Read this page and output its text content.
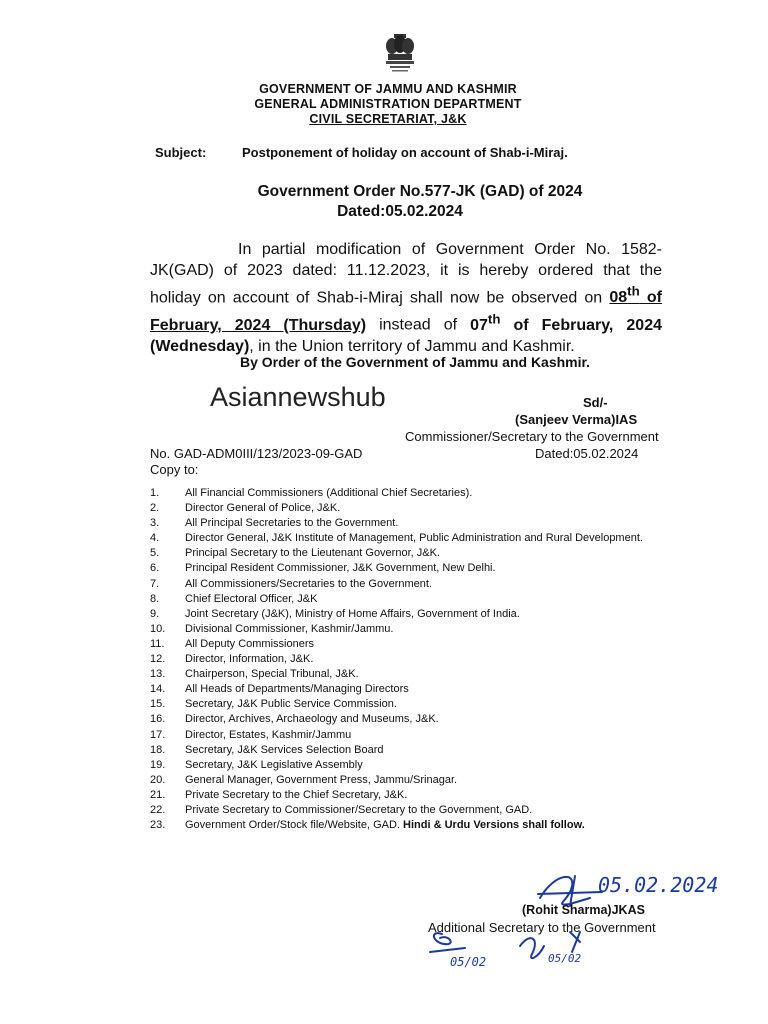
GOVERNMENT OF JAMMU AND KASHMIR
GENERAL ADMINISTRATION DEPARTMENT
CIVIL SECRETARIAT, J&K
Subject:	Postponement of holiday on account of Shab-i-Miraj.
Government Order No.577-JK (GAD) of 2024
Dated:05.02.2024
In partial modification of Government Order No. 1582-JK(GAD) of 2023 dated: 11.12.2023, it is hereby ordered that the holiday on account of Shab-i-Miraj shall now be observed on 08th of February, 2024 (Thursday) instead of 07th of February, 2024 (Wednesday), in the Union territory of Jammu and Kashmir.
By Order of the Government of Jammu and Kashmir.
Asiannewshub	Sd/-
(Sanjeev Verma)IAS
Commissioner/Secretary to the Government
No. GAD-ADM0III/123/2023-09-GAD	Dated:05.02.2024
Copy to:
1.	All Financial Commissioners (Additional Chief Secretaries).
2.	Director General of Police, J&K.
3.	All Principal Secretaries to the Government.
4.	Director General, J&K Institute of Management, Public Administration and Rural Development.
5.	Principal Secretary to the Lieutenant Governor, J&K.
6.	Principal Resident Commissioner, J&K Government, New Delhi.
7.	All Commissioners/Secretaries to the Government.
8.	Chief Electoral Officer, J&K
9.	Joint Secretary (J&K), Ministry of Home Affairs, Government of India.
10.	Divisional Commissioner, Kashmir/Jammu.
11.	All Deputy Commissioners
12.	Director, Information, J&K.
13.	Chairperson, Special Tribunal, J&K.
14.	All Heads of Departments/Managing Directors
15.	Secretary, J&K Public Service Commission.
16.	Director, Archives, Archaeology and Museums, J&K.
17.	Director, Estates, Kashmir/Jammu
18.	Secretary, J&K Services Selection Board
19.	Secretary, J&K Legislative Assembly
20.	General Manager, Government Press, Jammu/Srinagar.
21.	Private Secretary to the Chief Secretary, J&K.
22.	Private Secretary to Commissioner/Secretary to the Government, GAD.
23.	Government Order/Stock file/Website, GAD. Hindi & Urdu Versions shall follow.
05.02.2024
05/02	05/02
(Rohit Sharma)JKAS
Additional Secretary to the Government
